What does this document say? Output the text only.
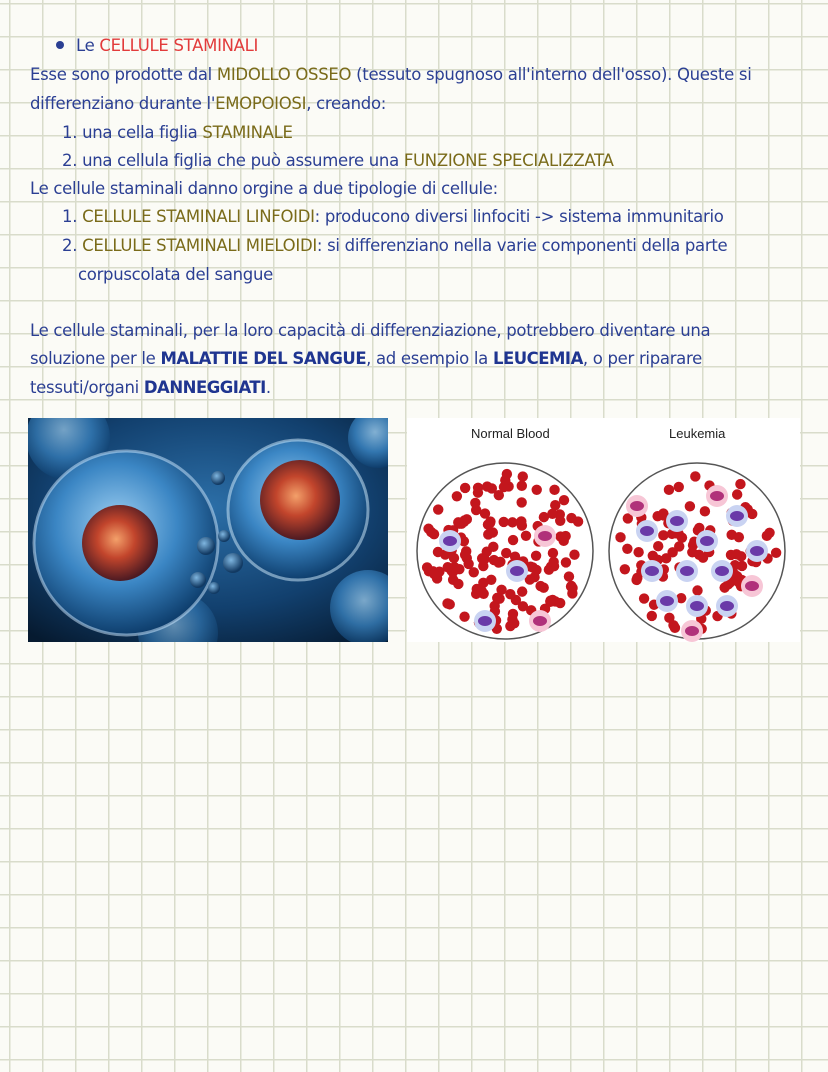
Le CELLULE STAMINALI
Esse sono prodotte dal MIDOLLO OSSEO (tessuto spugnoso all'interno dell'osso). Queste si
differenziano durante l'EMOPOIOSI, creando:
1. una cella figlia STAMINALE
2. una cellula figlia che può assumere una FUNZIONE SPECIALIZZATA
Le cellule staminali danno orgine a due tipologie di cellule:
1. CELLULE STAMINALI LINFOIDI: producono diversi linfociti -> sistema immunitario
2. CELLULE STAMINALI MIELOIDI: si differenziano nella varie componenti della parte
corpuscolata del sangue
Le cellule staminali, per la loro capacità di differenziazione, potrebbero diventare una
soluzione per le MALATTIE DEL SANGUE, ad esempio la LEUCEMIA, o per riparare
tessuti/organi DANNEGGIATI.
Normal Blood	Leukemia
